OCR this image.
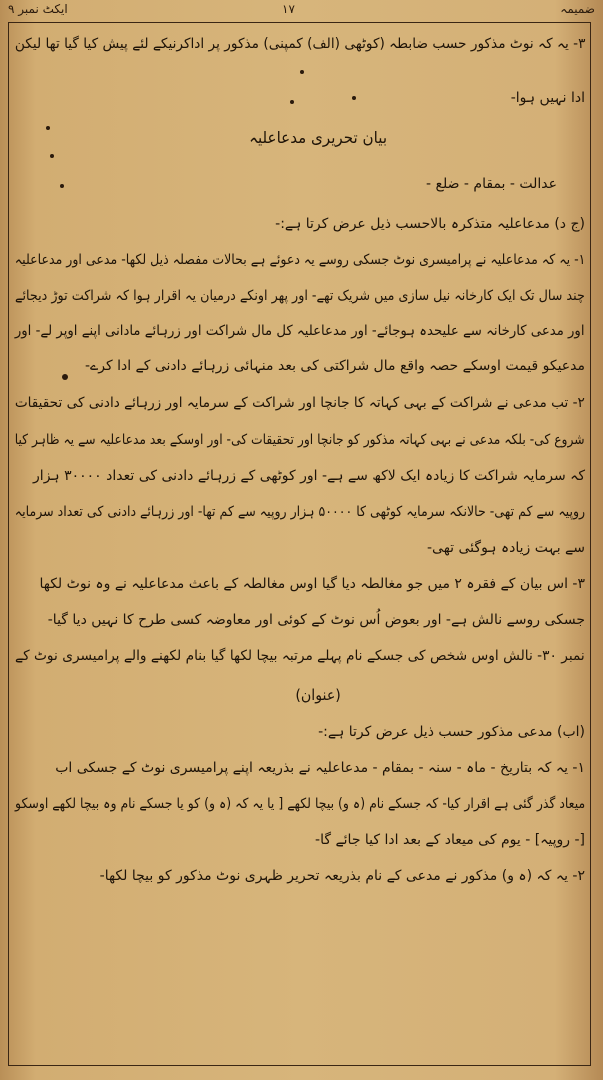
ضمیمہ
۱۷
ایکٹ نمبر ۹
۳- یہ کہ نوٹ مذکور حسب ضابطہ (کوٹھی (الف) کمپنی) مذکور پر اداکرنیکے لئے پیش کیا گیا تھا لیکن
ادا نہیں ہوا-
بیان تحریری مدعاعلیہ
عدالت - بمقام - ضلع -
(ج د) مدعاعلیہ متذکرہ بالاحسب ذیل عرض کرتا ہے:-
۱- یہ کہ مدعاعلیہ نے پرامیسری نوٹ جسکی روسے یہ دعوئے ہے بحالات مفصلہ ذیل لکھا- مدعی اور مدعاعلیہ
چند سال تک ایک کارخانہ نیل سازی میں شریک تھے- اور پھر اونکے درمیان یہ اقرار ہوا کہ شراکت توڑ دیجائے
اور مدعی کارخانہ سے علیحدہ ہوجائے- اور مدعاعلیہ کل مال شراکت اور زرہائے مادانی اپنے اوپر لے- اور
مدعیکو قیمت اوسکے حصہ واقع مال شراکتی کی بعد منہائی زرہائے دادنی کے ادا کرے-
۲- تب مدعی نے شراکت کے بہی کہاتہ کا جانچا اور شراکت کے سرمایہ اور زرہائے دادنی کی تحقیقات
شروع کی- بلکہ مدعی نے بہی کہاتہ مذکور کو جانچا اور تحقیقات کی- اور اوسکے بعد مدعاعلیہ سے یہ ظاہر کیا
کہ سرمایہ شراکت کا زیادہ ایک لاکھ سے ہے- اور کوٹھی کے زرہائے دادنی کی تعداد ۳۰۰۰۰ ہزار
روپیہ سے کم تھی- حالانکہ سرمایہ کوٹھی کا ۵۰۰۰۰ ہزار روپیہ سے کم تھا- اور زرہائے دادنی کی تعداد سرمایہ
سے بہت زیادہ ہوگئی تھی-
۳- اس بیان کے فقرہ ۲ میں جو مغالطہ دیا گیا اوس مغالطہ کے باعث مدعاعلیہ نے وہ نوٹ لکھا
جسکی روسے نالش ہے- اور بعوض اُس نوٹ کے کوئی اور معاوضہ کسی طرح کا نہیں دیا گیا-
نمبر ۳۰- نالش اوس شخص کی جسکے نام پہلے مرتبہ بیچا لکھا گیا بنام لکھنے والے پرامیسری نوٹ کے
(عنوان)
(اب) مدعی مذکور حسب ذیل عرض کرتا ہے:-
۱- یہ کہ بتاریخ - ماہ - سنہ - بمقام - مدعاعلیہ نے بذریعہ اپنے پرامیسری نوٹ کے جسکی اب
میعاد گذر گئی ہے اقرار کیا- کہ جسکے نام (ہ و) بیچا لکھے [ یا یہ کہ (ہ و) کو یا جسکے نام وہ بیچا لکھے اوسکو
[- روپیہ] - یوم کی میعاد کے بعد ادا کیا جائے گا-
۲- یہ کہ (ہ و) مذکور نے مدعی کے نام بذریعہ تحریر ظہری نوٹ مذکور کو بیچا لکھا-
